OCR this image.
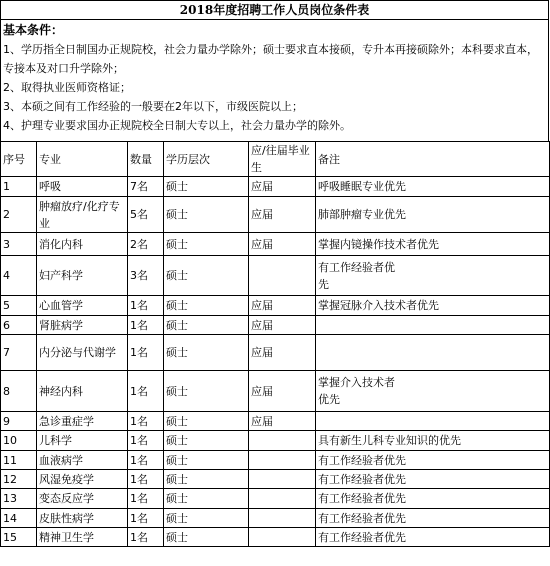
2018年度招聘工作人员岗位条件表
基本条件：
1、学历指全日制国办正规院校，社会力量办学除外；硕士要求直本接硕，专升本再接硕除外；本科要求直本，
专接本及对口升学除外；
2、取得执业医师资格证；
3、本硕之间有工作经验的一般要在2年以下，市级医院以上；
4、护理专业要求国办正规院校全日制大专以上，社会力量办学的除外。
序号	专业	数量	学历层次	应/往届毕业生	备注
1	呼吸	7名	硕士	应届	呼吸睡眠专业优先
2	肿瘤放疗/化疗专业	5名	硕士	应届	肺部肿瘤专业优先
3	消化内科	2名	硕士	应届	掌握内镜操作技术者优先
4	妇产科学	3名	硕士		有工作经验者优先
5	心血管学	1名	硕士	应届	掌握冠脉介入技术者优先
6	肾脏病学	1名	硕士	应届	
7	内分泌与代谢学	1名	硕士	应届	
8	神经内科	1名	硕士	应届	掌握介入技术者优先
9	急诊重症学	1名	硕士	应届	
10	儿科学	1名	硕士		具有新生儿科专业知识的优先
11	血液病学	1名	硕士		有工作经验者优先
12	风湿免疫学	1名	硕士		有工作经验者优先
13	变态反应学	1名	硕士		有工作经验者优先
14	皮肤性病学	1名	硕士		有工作经验者优先
15	精神卫生学	1名	硕士		有工作经验者优先
